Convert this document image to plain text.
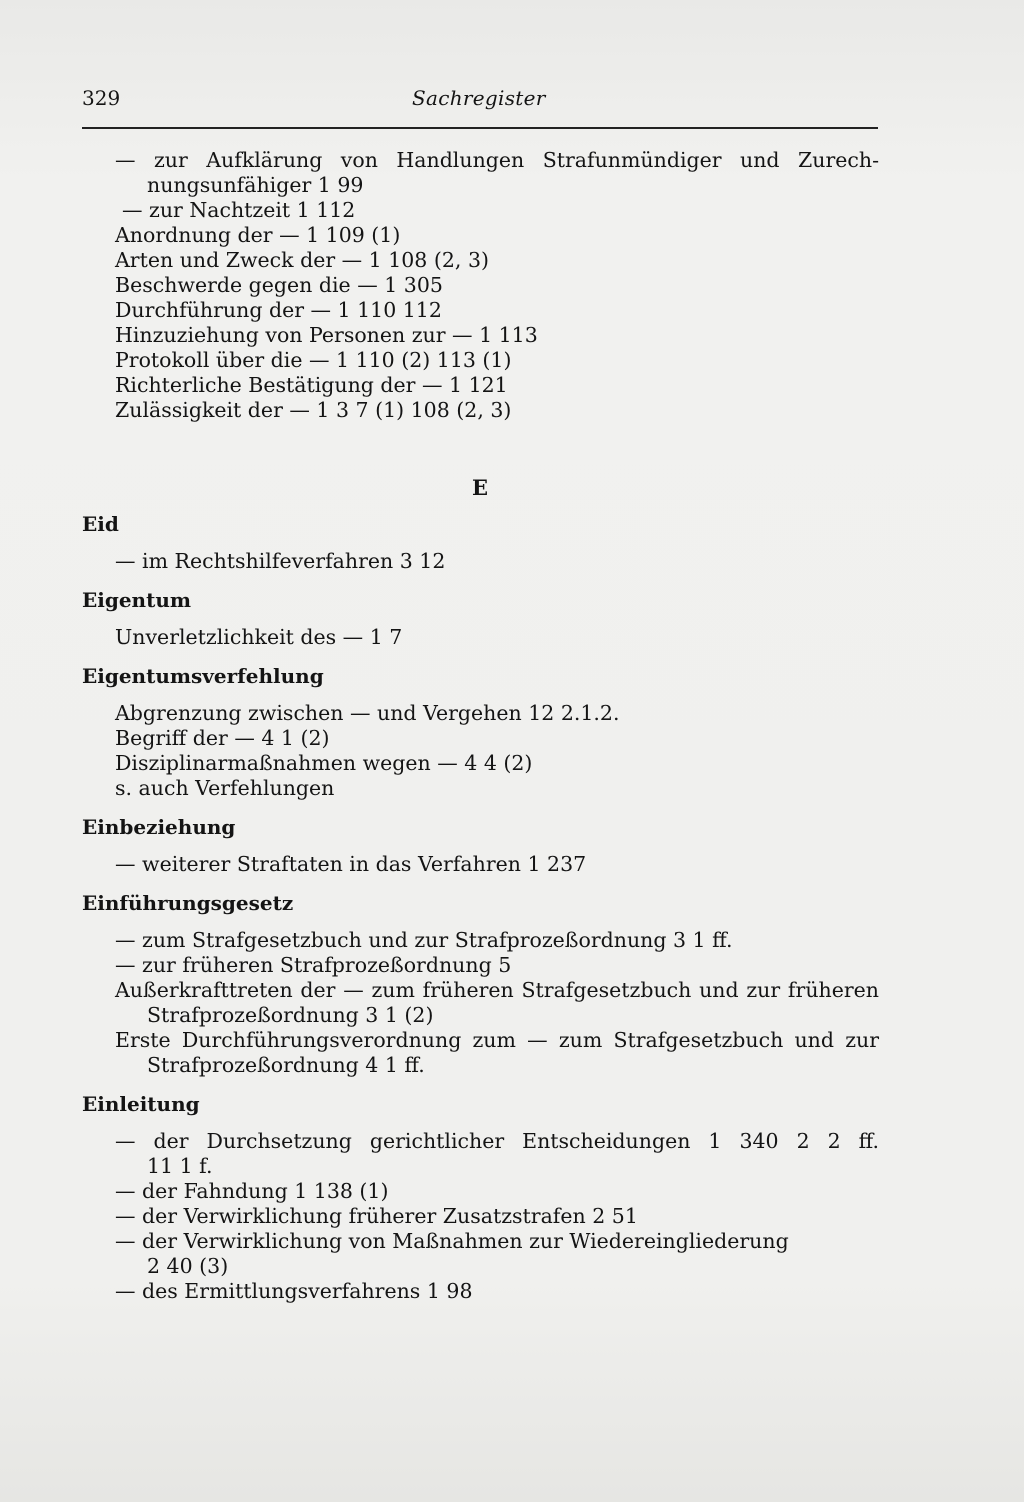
329	Sachregister
— zur Aufklärung von Handlungen Strafunmündiger und Zurech-
nungsunfähiger 1 99
— zur Nachtzeit 1 112
Anordnung der — 1 109 (1)
Arten und Zweck der — 1 108 (2, 3)
Beschwerde gegen die — 1 305
Durchführung der — 1 110 112
Hinzuziehung von Personen zur — 1 113
Protokoll über die — 1 110 (2) 113 (1)
Richterliche Bestätigung der — 1 121
Zulässigkeit der — 1 3 7 (1) 108 (2, 3)
E
Eid
— im Rechtshilfeverfahren 3 12
Eigentum
Unverletzlichkeit des — 1 7
Eigentumsverfehlung
Abgrenzung zwischen — und Vergehen 12 2.1.2.
Begriff der — 4 1 (2)
Disziplinarmaßnahmen wegen — 4 4 (2)
s. auch Verfehlungen
Einbeziehung
— weiterer Straftaten in das Verfahren 1 237
Einführungsgesetz
— zum Strafgesetzbuch und zur Strafprozeßordnung 3 1 ff.
— zur früheren Strafprozeßordnung 5
Außerkrafttreten der — zum früheren Strafgesetzbuch und zur früheren
Strafprozeßordnung 3 1 (2)
Erste Durchführungsverordnung zum — zum Strafgesetzbuch und zur
Strafprozeßordnung 4 1 ff.
Einleitung
— der Durchsetzung gerichtlicher Entscheidungen 1 340 2 2 ff.
11 1 f.
— der Fahndung 1 138 (1)
— der Verwirklichung früherer Zusatzstrafen 2 51
— der Verwirklichung von Maßnahmen zur Wiedereingliederung
2 40 (3)
— des Ermittlungsverfahrens 1 98
